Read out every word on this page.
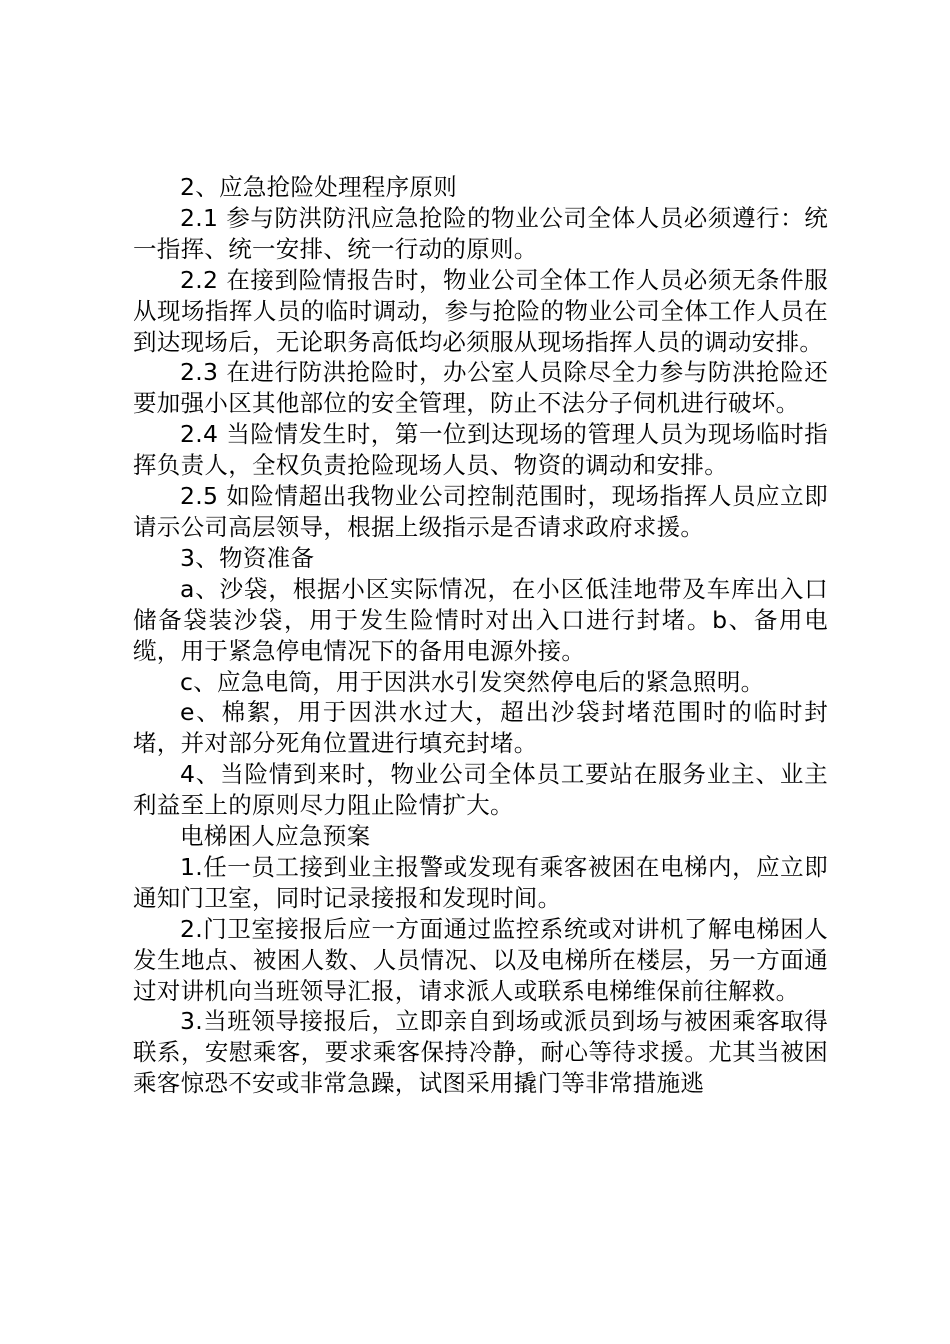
2、应急抢险处理程序原则

2.1 参与防洪防汛应急抢险的物业公司全体人员必须遵行：统一指挥、统一安排、统一行动的原则。

2.2 在接到险情报告时，物业公司全体工作人员必须无条件服从现场指挥人员的临时调动，参与抢险的物业公司全体工作人员在到达现场后，无论职务高低均必须服从现场指挥人员的调动安排。

2.3 在进行防洪抢险时，办公室人员除尽全力参与防洪抢险还要加强小区其他部位的安全管理，防止不法分子伺机进行破坏。

2.4 当险情发生时，第一位到达现场的管理人员为现场临时指挥负责人，全权负责抢险现场人员、物资的调动和安排。

2.5 如险情超出我物业公司控制范围时，现场指挥人员应立即请示公司高层领导，根据上级指示是否请求政府求援。

3、物资准备

a、沙袋，根据小区实际情况，在小区低洼地带及车库出入口储备袋装沙袋，用于发生险情时对出入口进行封堵。b、备用电缆，用于紧急停电情况下的备用电源外接。

c、应急电筒，用于因洪水引发突然停电后的紧急照明。

e、棉絮，用于因洪水过大，超出沙袋封堵范围时的临时封堵，并对部分死角位置进行填充封堵。

4、当险情到来时，物业公司全体员工要站在服务业主、业主利益至上的原则尽力阻止险情扩大。

电梯困人应急预案

1.任一员工接到业主报警或发现有乘客被困在电梯内，应立即通知门卫室，同时记录接报和发现时间。

2.门卫室接报后应一方面通过监控系统或对讲机了解电梯困人发生地点、被困人数、人员情况、以及电梯所在楼层，另一方面通过对讲机向当班领导汇报，请求派人或联系电梯维保前往解救。

3.当班领导接报后，立即亲自到场或派员到场与被困乘客取得联系，安慰乘客，要求乘客保持冷静，耐心等待求援。尤其当被困乘客惊恐不安或非常急躁，试图采用撬门等非常措施逃
